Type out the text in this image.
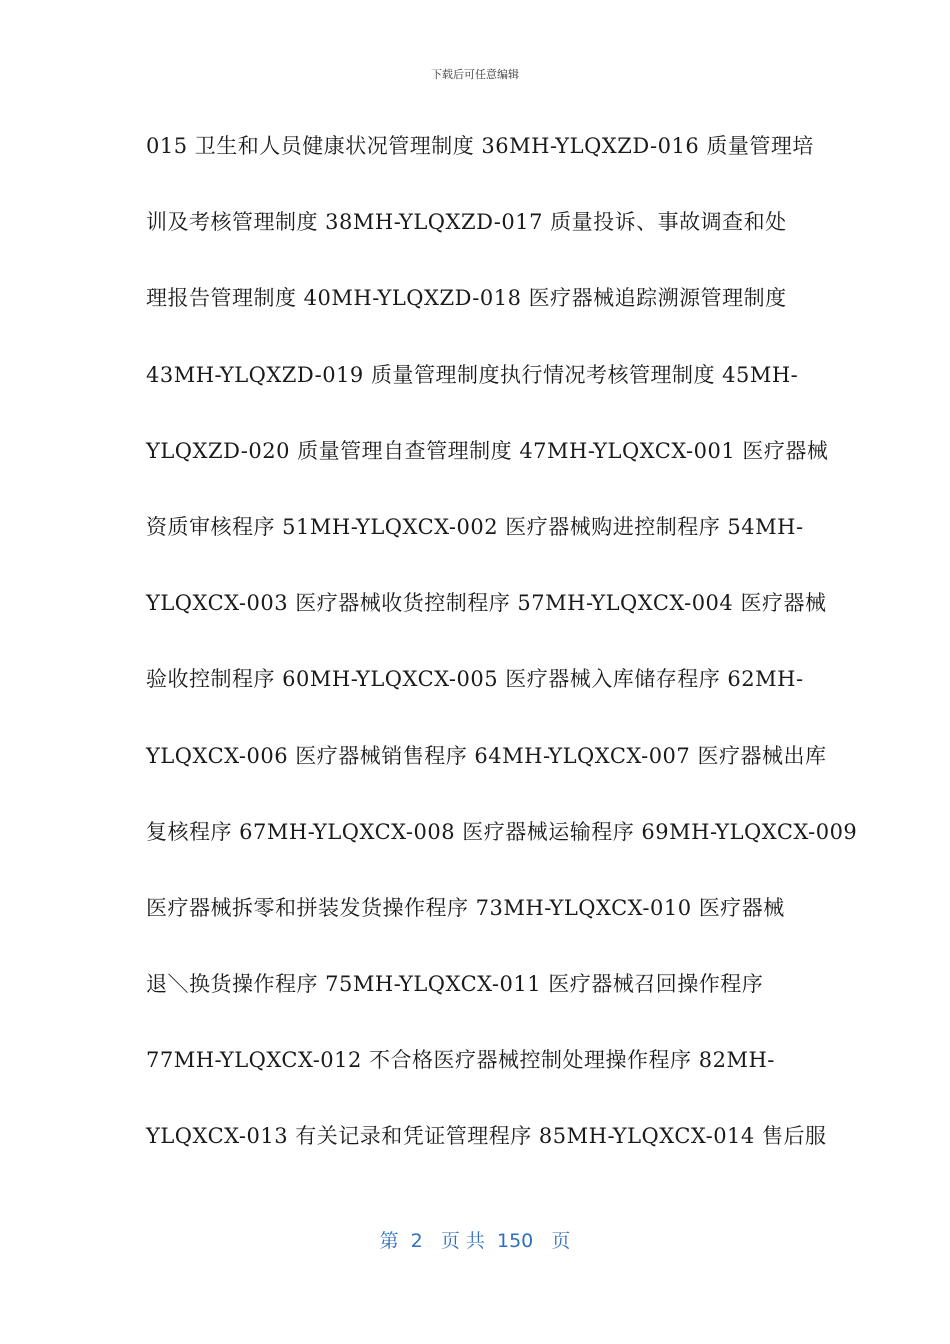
下载后可任意编辑
015 卫生和人员健康状况管理制度 36MH-YLQXZD-016 质量管理培
训及考核管理制度 38MH-YLQXZD-017 质量投诉、事故调查和处
理报告管理制度 40MH-YLQXZD-018 医疗器械追踪溯源管理制度
43MH-YLQXZD-019 质量管理制度执行情况考核管理制度 45MH-
YLQXZD-020 质量管理自查管理制度 47MH-YLQXCX-001 医疗器械
资质审核程序 51MH-YLQXCX-002 医疗器械购进控制程序 54MH-
YLQXCX-003 医疗器械收货控制程序 57MH-YLQXCX-004 医疗器械
验收控制程序 60MH-YLQXCX-005 医疗器械入库储存程序 62MH-
YLQXCX-006 医疗器械销售程序 64MH-YLQXCX-007 医疗器械出库
复核程序 67MH-YLQXCX-008 医疗器械运输程序 69MH-YLQXCX-009
医疗器械拆零和拼装发货操作程序 73MH-YLQXCX-010 医疗器械
退＼换货操作程序 75MH-YLQXCX-011 医疗器械召回操作程序
77MH-YLQXCX-012 不合格医疗器械控制处理操作程序 82MH-
YLQXCX-013 有关记录和凭证管理程序 85MH-YLQXCX-014 售后服
第  2   页 共  150   页
